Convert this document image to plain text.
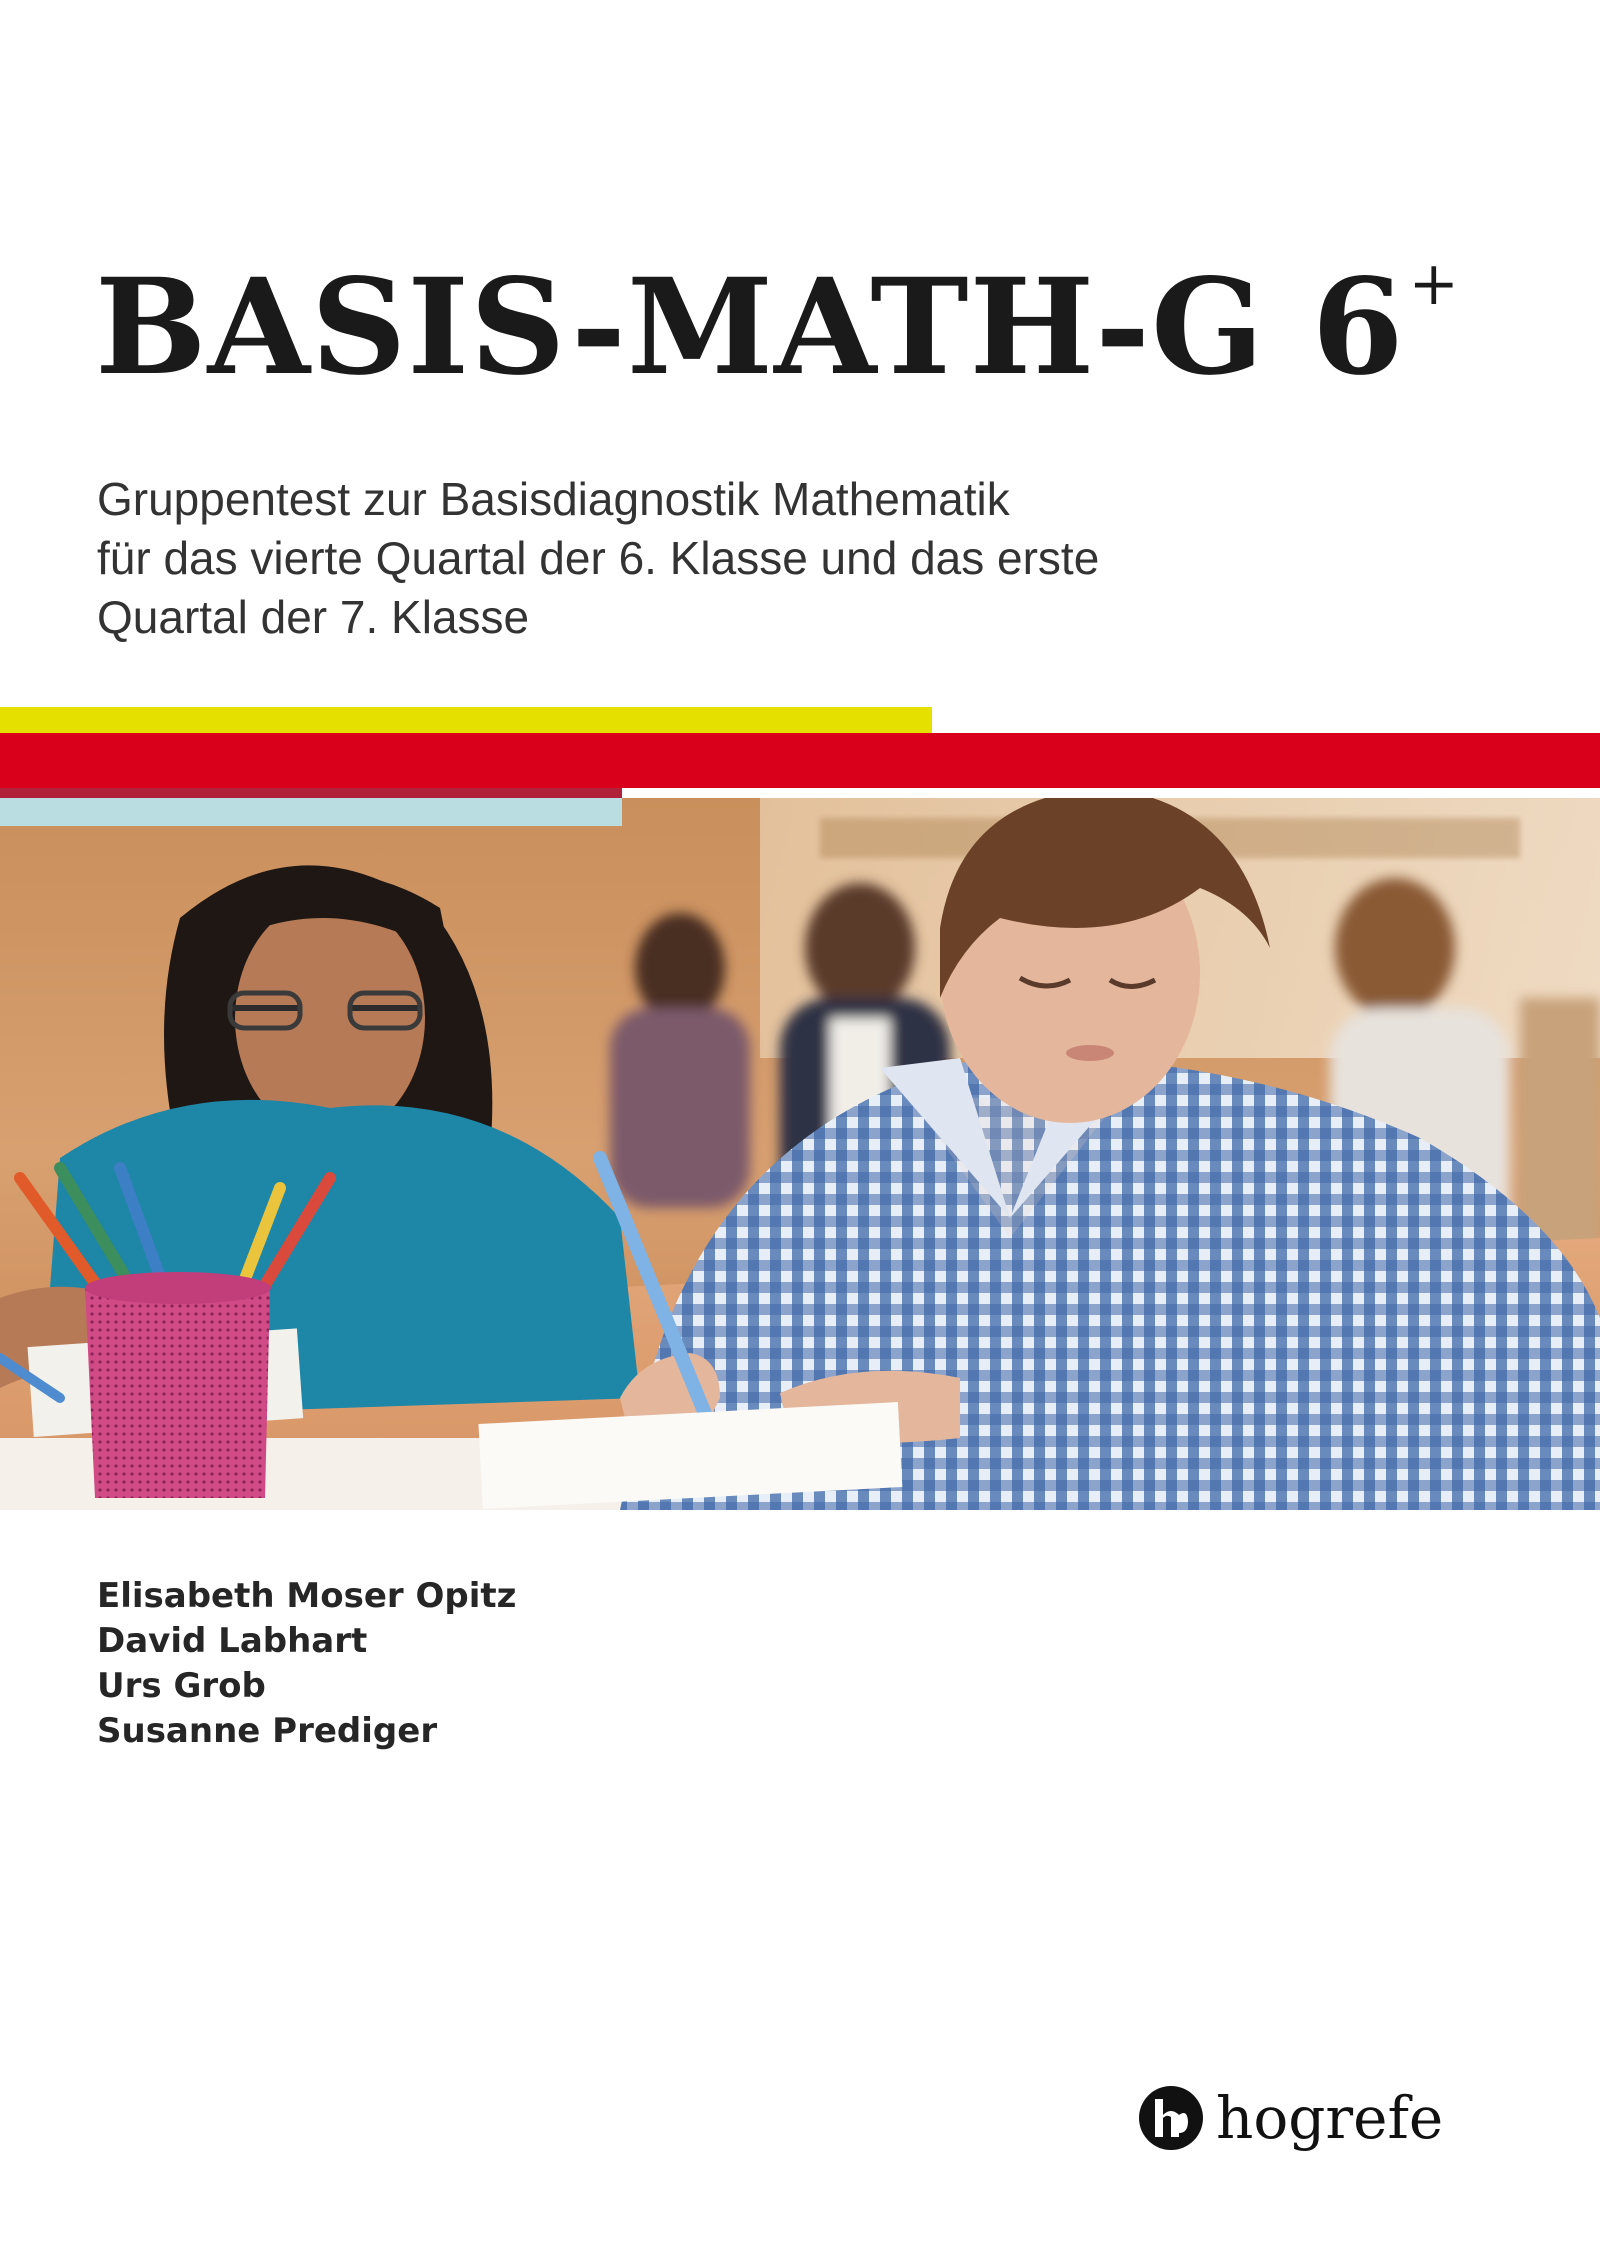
BASIS-MATH-G 6+
Gruppentest zur Basisdiagnostik Mathematik
für das vierte Quartal der 6. Klasse und das erste
Quartal der 7. Klasse
Elisabeth Moser Opitz
David Labhart
Urs Grob
Susanne Prediger
hogrefe
